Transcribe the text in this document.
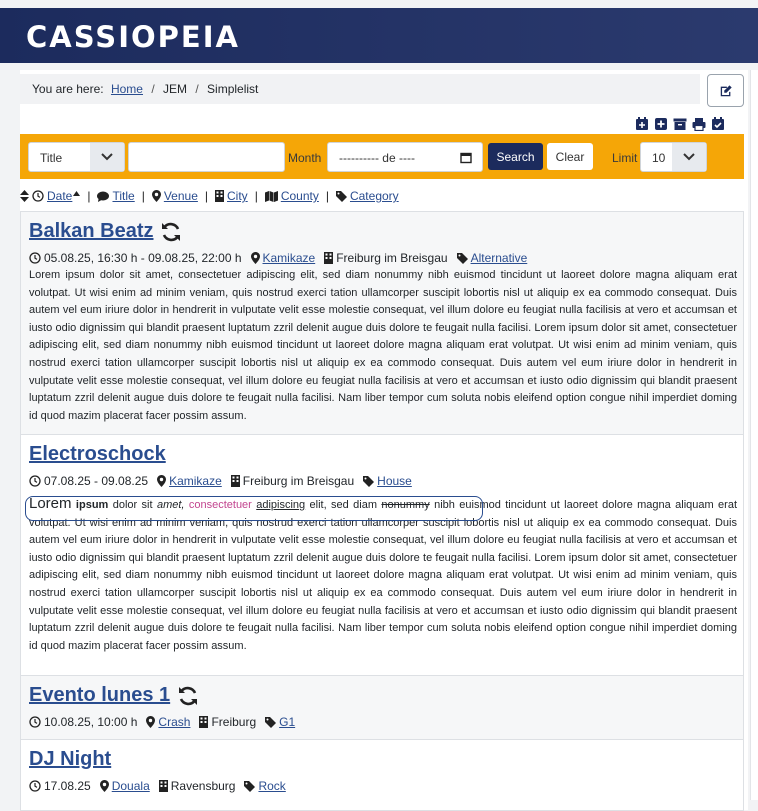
CASSIOPEIA
You are here: Home / JEM / Simplelist
Title	Month ---------- de ----	Search	Clear	Limit 10
Date | Title | Venue | City | County | Category
Balkan Beatz
05.08.25, 16:30 h - 09.08.25, 22:00 h Kamikaze Freiburg im Breisgau Alternative
Lorem ipsum dolor sit amet, consectetuer adipiscing elit, sed diam nonummy nibh euismod tincidunt ut laoreet dolore magna aliquam erat volutpat. Ut wisi enim ad minim veniam, quis nostrud exerci tation ullamcorper suscipit lobortis nisl ut aliquip ex ea commodo consequat. Duis autem vel eum iriure dolor in hendrerit in vulputate velit esse molestie consequat, vel illum dolore eu feugiat nulla facilisis at vero et accumsan et iusto odio dignissim qui blandit praesent luptatum zzril delenit augue duis dolore te feugait nulla facilisi. Lorem ipsum dolor sit amet, consectetuer adipiscing elit, sed diam nonummy nibh euismod tincidunt ut laoreet dolore magna aliquam erat volutpat. Ut wisi enim ad minim veniam, quis nostrud exerci tation ullamcorper suscipit lobortis nisl ut aliquip ex ea commodo consequat. Duis autem vel eum iriure dolor in hendrerit in vulputate velit esse molestie consequat, vel illum dolore eu feugiat nulla facilisis at vero et accumsan et iusto odio dignissim qui blandit praesent luptatum zzril delenit augue duis dolore te feugait nulla facilisi. Nam liber tempor cum soluta nobis eleifend option congue nihil imperdiet doming id quod mazim placerat facer possim assum.
Electroschock
07.08.25 - 09.08.25 Kamikaze Freiburg im Breisgau House
Lorem ipsum dolor sit amet, consectetuer adipiscing elit, sed diam nonummy nibh euismod tincidunt ut laoreet dolore magna aliquam erat volutpat. Ut wisi enim ad minim veniam, quis nostrud exerci tation ullamcorper suscipit lobortis nisl ut aliquip ex ea commodo consequat. Duis autem vel eum iriure dolor in hendrerit in vulputate velit esse molestie consequat, vel illum dolore eu feugiat nulla facilisis at vero et accumsan et iusto odio dignissim qui blandit praesent luptatum zzril delenit augue duis dolore te feugait nulla facilisi. Lorem ipsum dolor sit amet, consectetuer adipiscing elit, sed diam nonummy nibh euismod tincidunt ut laoreet dolore magna aliquam erat volutpat. Ut wisi enim ad minim veniam, quis nostrud exerci tation ullamcorper suscipit lobortis nisl ut aliquip ex ea commodo consequat. Duis autem vel eum iriure dolor in hendrerit in vulputate velit esse molestie consequat, vel illum dolore eu feugiat nulla facilisis at vero et accumsan et iusto odio dignissim qui blandit praesent luptatum zzril delenit augue duis dolore te feugait nulla facilisi. Nam liber tempor cum soluta nobis eleifend option congue nihil imperdiet doming id quod mazim placerat facer possim assum.
Evento lunes 1
10.08.25, 10:00 h Crash Freiburg G1
DJ Night
17.08.25 Douala Ravensburg Rock
